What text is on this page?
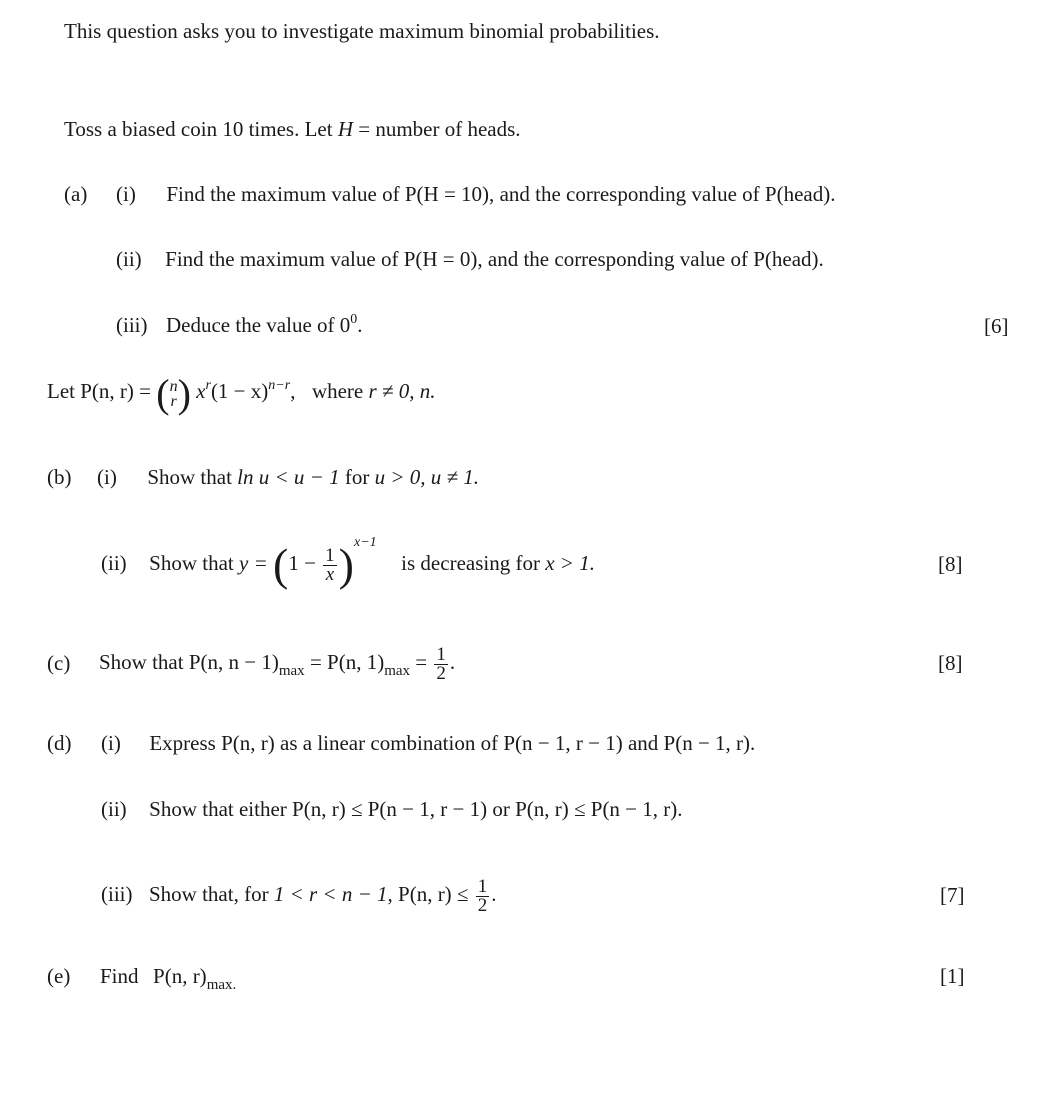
This question asks you to investigate maximum binomial probabilities.
Toss a biased coin 10 times. Let H = number of heads.
(a) (i) Find the maximum value of P(H = 10), and the corresponding value of P(head).
(ii) Find the maximum value of P(H = 0), and the corresponding value of P(head).
(iii) Deduce the value of $0^0$.	[6]
Let P(n, r) = (n
r) $x^r(1 - x)^{n-r}$, where r ≠ 0, n.
(b) (i) Show that ln u < u − 1 for u > 0, u ≠ 1.
(ii) Show that $y = (1 - \frac{1}{x} )^{x-1}$  is decreasing for x > 1.	[8]
(c) Show that P(n, $n - 1)_{max} = P(n$, $1)_{max} = \frac{1}{2}$ .	[8]
(d) (i) Express P(n, r) as a linear combination of P(n − 1, r − 1) and P(n − 1, r).
(ii) Show that either P(n, r) ≤ P(n − 1, r − 1) or P(n, r) ≤ P(n − 1, r).
(iii) Show that, for 1 < r < n − 1, P(n, $r) \le \frac{1}{2}$ .	[7]
(e) Find P(n, $r)_{max.}$	[1]
